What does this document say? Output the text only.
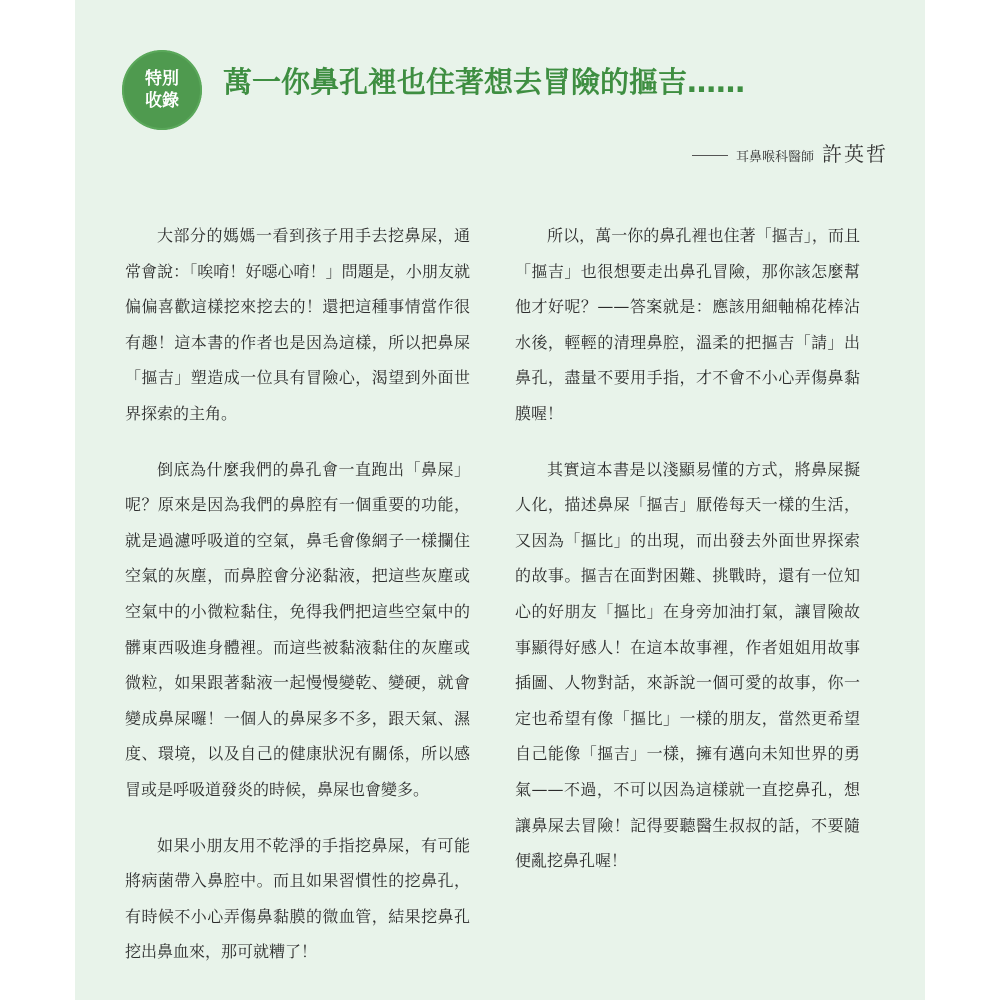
特別
收錄
萬一你鼻孔裡也住著想去冒險的摳吉……
耳鼻喉科醫師 許英哲

大部分的媽媽一看到孩子用手去挖鼻屎，通常會說：「唉唷！好噁心唷！」問題是，小朋友就偏偏喜歡這樣挖來挖去的！還把這種事情當作很有趣！這本書的作者也是因為這樣，所以把鼻屎「摳吉」塑造成一位具有冒險心，渴望到外面世界探索的主角。

倒底為什麼我們的鼻孔會一直跑出「鼻屎」呢？原來是因為我們的鼻腔有一個重要的功能，就是過濾呼吸道的空氣，鼻毛會像網子一樣攔住空氣的灰塵，而鼻腔會分泌黏液，把這些灰塵或空氣中的小微粒黏住，免得我們把這些空氣中的髒東西吸進身體裡。而這些被黏液黏住的灰塵或微粒，如果跟著黏液一起慢慢變乾、變硬，就會變成鼻屎囉！一個人的鼻屎多不多，跟天氣、濕度、環境，以及自己的健康狀況有關係，所以感冒或是呼吸道發炎的時候，鼻屎也會變多。

如果小朋友用不乾淨的手指挖鼻屎，有可能將病菌帶入鼻腔中。而且如果習慣性的挖鼻孔，有時候不小心弄傷鼻黏膜的微血管，結果挖鼻孔挖出鼻血來，那可就糟了！

所以，萬一你的鼻孔裡也住著「摳吉」，而且「摳吉」也很想要走出鼻孔冒險，那你該怎麼幫他才好呢？——答案就是：應該用細軸棉花棒沾水後，輕輕的清理鼻腔，溫柔的把摳吉「請」出鼻孔，盡量不要用手指，才不會不小心弄傷鼻黏膜喔！

其實這本書是以淺顯易懂的方式，將鼻屎擬人化，描述鼻屎「摳吉」厭倦每天一樣的生活，又因為「摳比」的出現，而出發去外面世界探索的故事。摳吉在面對困難、挑戰時，還有一位知心的好朋友「摳比」在身旁加油打氣，讓冒險故事顯得好感人！在這本故事裡，作者姐姐用故事插圖、人物對話，來訴說一個可愛的故事，你一定也希望有像「摳比」一樣的朋友，當然更希望自己能像「摳吉」一樣，擁有邁向未知世界的勇氣——不過，不可以因為這樣就一直挖鼻孔，想讓鼻屎去冒險！記得要聽醫生叔叔的話，不要隨便亂挖鼻孔喔！
